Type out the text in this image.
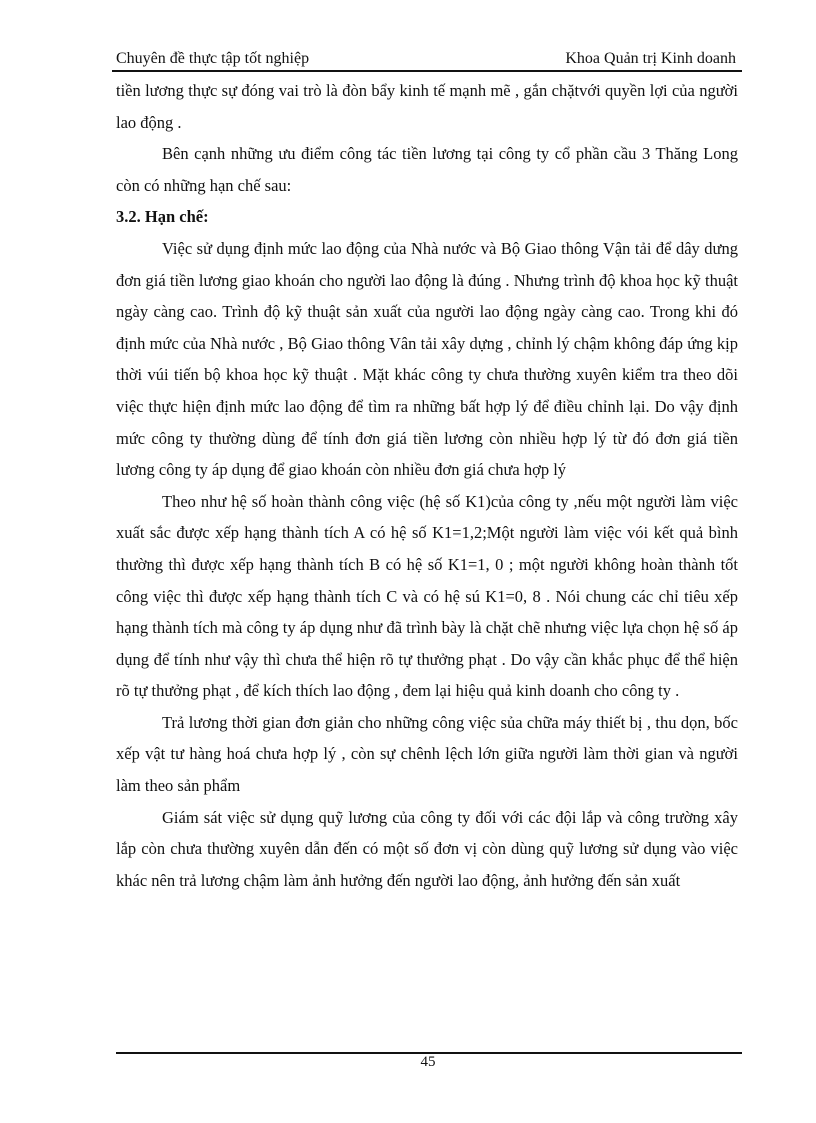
Chuyên đề thực tập tốt nghiệp	Khoa Quản trị Kinh doanh

tiền lương thực sự đóng vai trò là đòn bẩy kinh tế mạnh mẽ , gắn chặtvới quyền lợi của người lao động .

Bên cạnh những ưu điểm công tác tiền lương tại công ty cổ phần cầu 3 Thăng Long còn có những hạn chế sau:

3.2. Hạn chế:

Việc sử dụng định mức lao động của Nhà nước và Bộ Giao thông Vận tải để dây dưng đơn giá tiền lương giao khoán cho người lao động là đúng . Nhưng trình độ khoa học kỹ thuật ngày càng cao. Trình độ kỹ thuật sản xuất của người lao động ngày càng cao. Trong khi đó định mức của Nhà nước , Bộ Giao thông Vân tải xây dựng , chỉnh lý chậm không đáp ứng kịp thời vúi tiến bộ khoa học kỹ thuật . Mặt khác công ty chưa thường xuyên kiểm tra theo dõi việc thực hiện định mức lao động để tìm ra những bất hợp lý để điều chỉnh lại. Do vậy định mức công ty thường dùng để tính đơn giá tiền lương còn nhiều hợp lý từ đó đơn giá tiền lương công ty áp dụng để giao khoán còn nhiều đơn giá chưa hợp lý

Theo như hệ số hoàn thành công việc (hệ số K1)của công ty ,nếu một người làm việc xuất sắc được xếp hạng thành tích A có hệ số K1=1,2;Một người làm việc vói kết quả bình thường thì được xếp hạng thành tích B có hệ số K1=1, 0 ; một người không hoàn thành tốt công việc thì được xếp hạng thành tích C và có hệ sú K1=0, 8 . Nói chung các chỉ tiêu xếp hạng thành tích mà công ty áp dụng như đã trình bày là chặt chẽ nhưng việc lựa chọn hệ số áp dụng để tính như vậy thì chưa thể hiện rõ tự thưởng phạt . Do vậy cần khắc phục để thể hiện rõ tự thưởng phạt , để kích thích lao động , đem lại hiệu quả kinh doanh cho công ty .

Trả lương thời gian đơn giản cho những công việc sủa chữa máy thiết bị , thu dọn, bốc xếp vật tư hàng hoá chưa hợp lý , còn sự chênh lệch lớn giữa người làm thời gian và người làm theo sản phẩm

Giám sát việc sử dụng quỹ lương của công ty đối với các đội lắp và công trường xây lắp còn chưa thường xuyên dẫn đến có một số đơn vị còn dùng quỹ lương sử dụng vào việc khác nên trả lương chậm làm ảnh hưởng đến người lao động, ảnh hưởng đến sản xuất

45
